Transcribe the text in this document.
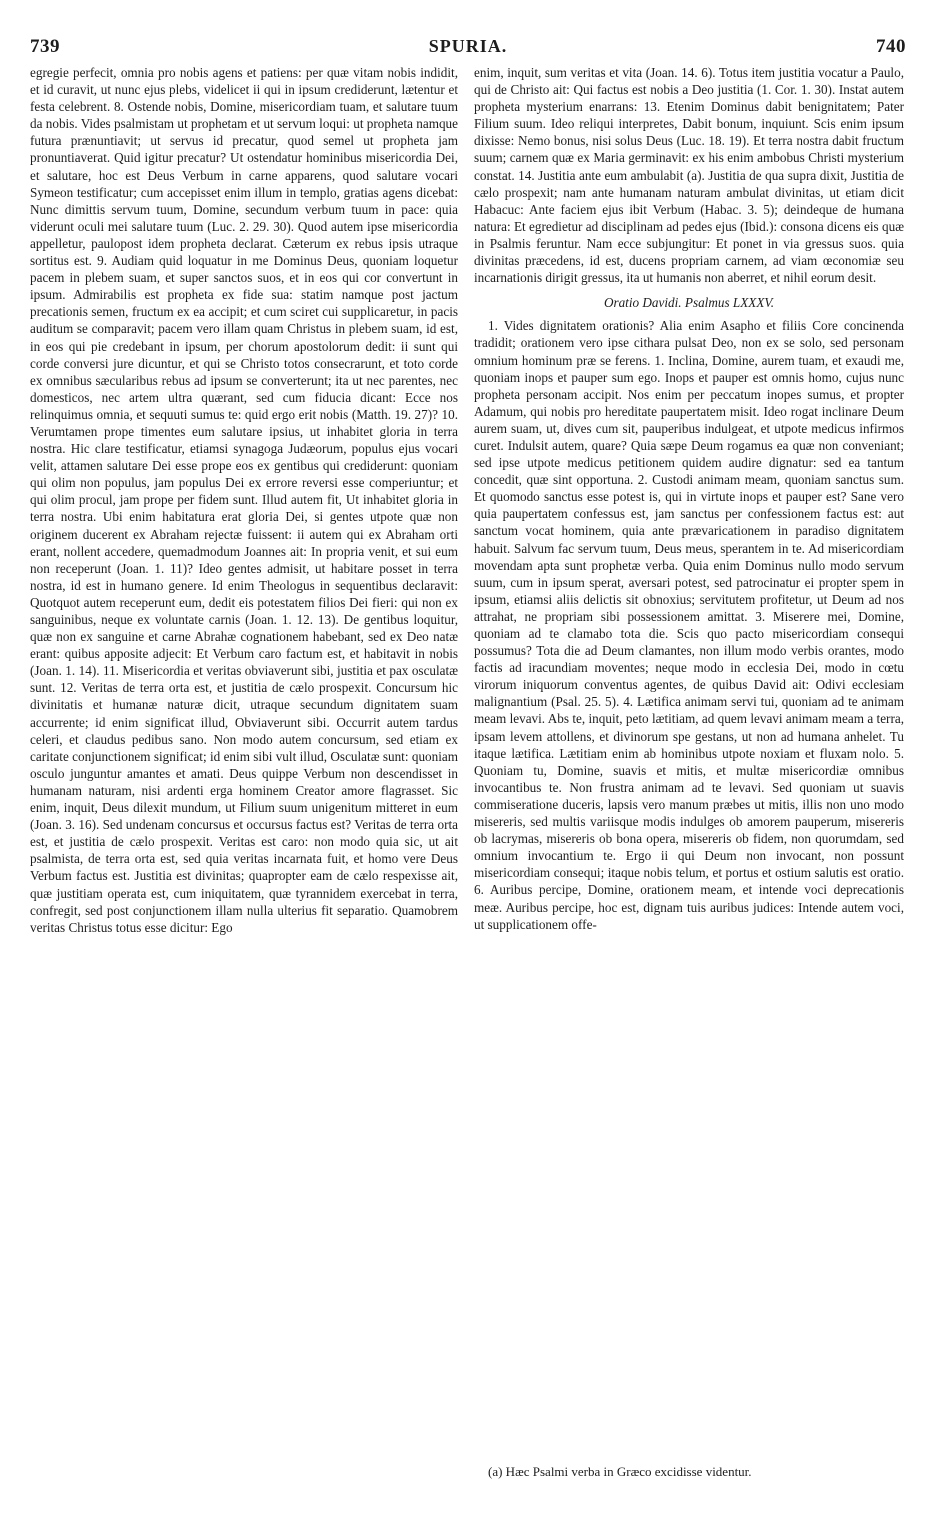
739	SPURIA.	740

egregie perfecit, omnia pro nobis agens et patiens: per quæ vitam nobis indidit, et id curavit, ut nunc ejus plebs, videlicet ii qui in ipsum crediderunt, lætentur et festa celebrent. 8. Ostende nobis, Domine, misericordiam tuam, et salutare tuum da nobis. Vides psalmistam ut prophetam et ut servum loqui: ut propheta namque futura prænuntiavit; ut servus id precatur, quod semel ut propheta jam pronuntiaverat. Quid igitur precatur? Ut ostendatur hominibus misericordia Dei, et salutare, hoc est Deus Verbum in carne apparens, quod salutare vocari Symeon testificatur; cum accepisset enim illum in templo, gratias agens dicebat: Nunc dimittis servum tuum, Domine, secundum verbum tuum in pace: quia viderunt oculi mei salutare tuum (Luc. 2. 29. 30). Quod autem ipse misericordia appelletur, paulopost idem propheta declarat. Cæterum ex rebus ipsis utraque sortitus est. 9. Audiam quid loquatur in me Dominus Deus, quoniam loquetur pacem in plebem suam, et super sanctos suos, et in eos qui cor convertunt in ipsum. Admirabilis est propheta ex fide sua: statim namque post jactum precationis semen, fructum ex ea accipit; et cum sciret cui supplicaretur, in pacis auditum se comparavit; pacem vero illam quam Christus in plebem suam, id est, in eos qui pie credebant in ipsum, per chorum apostolorum dedit: ii sunt qui corde conversi jure dicuntur, et qui se Christo totos consecrarunt, et toto corde ex omnibus sæcularibus rebus ad ipsum se converterunt; ita ut nec parentes, nec domesticos, nec artem ultra quærant, sed cum fiducia dicant: Ecce nos relinquimus omnia, et sequuti sumus te: quid ergo erit nobis (Matth. 19. 27)? 10. Verumtamen prope timentes eum salutare ipsius, ut inhabitet gloria in terra nostra. Hic clare testificatur, etiamsi synagoga Judæorum, populus ejus vocari velit, attamen salutare Dei esse prope eos ex gentibus qui crediderunt: quoniam qui olim non populus, jam populus Dei ex errore reversi esse comperiuntur; et qui olim procul, jam prope per fidem sunt. Illud autem fit, Ut inhabitet gloria in terra nostra. Ubi enim habitatura erat gloria Dei, si gentes utpote quæ non originem ducerent ex Abraham rejectæ fuissent: ii autem qui ex Abraham orti erant, nollent accedere, quemadmodum Joannes ait: In propria venit, et sui eum non receperunt (Joan. 1. 11)? Ideo gentes admisit, ut habitare posset in terra nostra, id est in humano genere. Id enim Theologus in sequentibus declaravit: Quotquot autem receperunt eum, dedit eis potestatem filios Dei fieri: qui non ex sanguinibus, neque ex voluntate carnis (Joan. 1. 12. 13). De gentibus loquitur, quæ non ex sanguine et carne Abrahæ cognationem habebant, sed ex Deo natæ erant: quibus apposite adjecit: Et Verbum caro factum est, et habitavit in nobis (Joan. 1. 14). 11. Misericordia et veritas obviaverunt sibi, justitia et pax osculatæ sunt. 12. Veritas de terra orta est, et justitia de cælo prospexit. Concursum hic divinitatis et humanæ naturæ dicit, utraque secundum dignitatem suam accurrente; id enim significat illud, Obviaverunt sibi. Occurrit autem tardus celeri, et claudus pedibus sano. Non modo autem concursum, sed etiam ex caritate conjunctionem significat; id enim sibi vult illud, Osculatæ sunt: quoniam osculo junguntur amantes et amati. Deus quippe Verbum non descendisset in humanam naturam, nisi ardenti erga hominem Creator amore flagrasset. Sic enim, inquit, Deus dilexit mundum, ut Filium suum unigenitum mitteret in eum (Joan. 3. 16). Sed undenam concursus et occursus factus est? Veritas de terra orta est, et justitia de cælo prospexit. Veritas est caro: non modo quia sic, ut ait psalmista, de terra orta est, sed quia veritas incarnata fuit, et homo vere Deus Verbum factus est. Justitia est divinitas; quapropter eam de cælo respexisse ait, quæ justitiam operata est, cum iniquitatem, quæ tyrannidem exercebat in terra, confregit, sed post conjunctionem illam nulla ulterius fit separatio. Quamobrem veritas Christus totus esse dicitur: Ego

enim, inquit, sum veritas et vita (Joan. 14. 6). Totus item justitia vocatur a Paulo, qui de Christo ait: Qui factus est nobis a Deo justitia (1. Cor. 1. 30). Instat autem propheta mysterium enarrans: 13. Etenim Dominus dabit benignitatem; Pater Filium suum. Ideo reliqui interpretes, Dabit bonum, inquiunt. Scis enim ipsum dixisse: Nemo bonus, nisi solus Deus (Luc. 18. 19). Et terra nostra dabit fructum suum; carnem quæ ex Maria germinavit: ex his enim ambobus Christi mysterium constat. 14. Justitia ante eum ambulabit (a). Justitia de qua supra dixit, Justitia de cælo prospexit; nam ante humanam naturam ambulat divinitas, ut etiam dicit Habacuc: Ante faciem ejus ibit Verbum (Habac. 3. 5); deindeque de humana natura: Et egredietur ad disciplinam ad pedes ejus (Ibid.): consona dicens eis quæ in Psalmis feruntur. Nam ecce subjungitur: Et ponet in via gressus suos. quia divinitas præcedens, id est, ducens propriam carnem, ad viam œconomiæ seu incarnationis dirigit gressus, ita ut humanis non aberret, et nihil eorum desit.

Oratio Davidi. Psalmus LXXXV.

1. Vides dignitatem orationis? Alia enim Asapho et filiis Core concinenda tradidit; orationem vero ipse cithara pulsat Deo, non ex se solo, sed personam omnium hominum præ se ferens. 1. Inclina, Domine, aurem tuam, et exaudi me, quoniam inops et pauper sum ego. Inops et pauper est omnis homo, cujus nunc propheta personam accipit. Nos enim per peccatum inopes sumus, et propter Adamum, qui nobis pro hereditate paupertatem misit. Ideo rogat inclinare Deum aurem suam, ut, dives cum sit, pauperibus indulgeat, et utpote medicus infirmos curet. Indulsit autem, quare? Quia sæpe Deum rogamus ea quæ non conveniant; sed ipse utpote medicus petitionem quidem audire dignatur: sed ea tantum concedit, quæ sint opportuna. 2. Custodi animam meam, quoniam sanctus sum. Et quomodo sanctus esse potest is, qui in virtute inops et pauper est? Sane vero quia paupertatem confessus est, jam sanctus per confessionem factus est: aut sanctum vocat hominem, quia ante prævaricationem in paradiso dignitatem habuit. Salvum fac servum tuum, Deus meus, sperantem in te. Ad misericordiam movendam apta sunt prophetæ verba. Quia enim Dominus nullo modo servum suum, cum in ipsum sperat, aversari potest, sed patrocinatur ei propter spem in ipsum, etiamsi aliis delictis sit obnoxius; servitutem profitetur, ut Deum ad nos attrahat, ne propriam sibi possessionem amittat. 3. Miserere mei, Domine, quoniam ad te clamabo tota die. Scis quo pacto misericordiam consequi possumus? Tota die ad Deum clamantes, non illum modo verbis orantes, modo factis ad iracundiam moventes; neque modo in ecclesia Dei, modo in cœtu virorum iniquorum conventus agentes, de quibus David ait: Odivi ecclesiam malignantium (Psal. 25. 5). 4. Lætifica animam servi tui, quoniam ad te animam meam levavi. Abs te, inquit, peto lætitiam, ad quem levavi animam meam a terra, ipsam levem attollens, et divinorum spe gestans, ut non ad humana anhelet. Tu itaque lætifica. Lætitiam enim ab hominibus utpote noxiam et fluxam nolo. 5. Quoniam tu, Domine, suavis et mitis, et multæ misericordiæ omnibus invocantibus te. Non frustra animam ad te levavi. Sed quoniam ut suavis commiseratione duceris, lapsis vero manum præbes ut mitis, illis non uno modo misereris, sed multis variisque modis indulges ob amorem pauperum, misereris ob lacrymas, misereris ob bona opera, misereris ob fidem, non quorumdam, sed omnium invocantium te. Ergo ii qui Deum non invocant, non possunt misericordiam consequi; itaque nobis telum, et portus et ostium salutis est oratio. 6. Auribus percipe, Domine, orationem meam, et intende voci deprecationis meæ. Auribus percipe, hoc est, dignam tuis auribus judices: Intende autem voci, ut supplicationem offe-

(a) Hæc Psalmi verba in Græco excidisse videntur.
